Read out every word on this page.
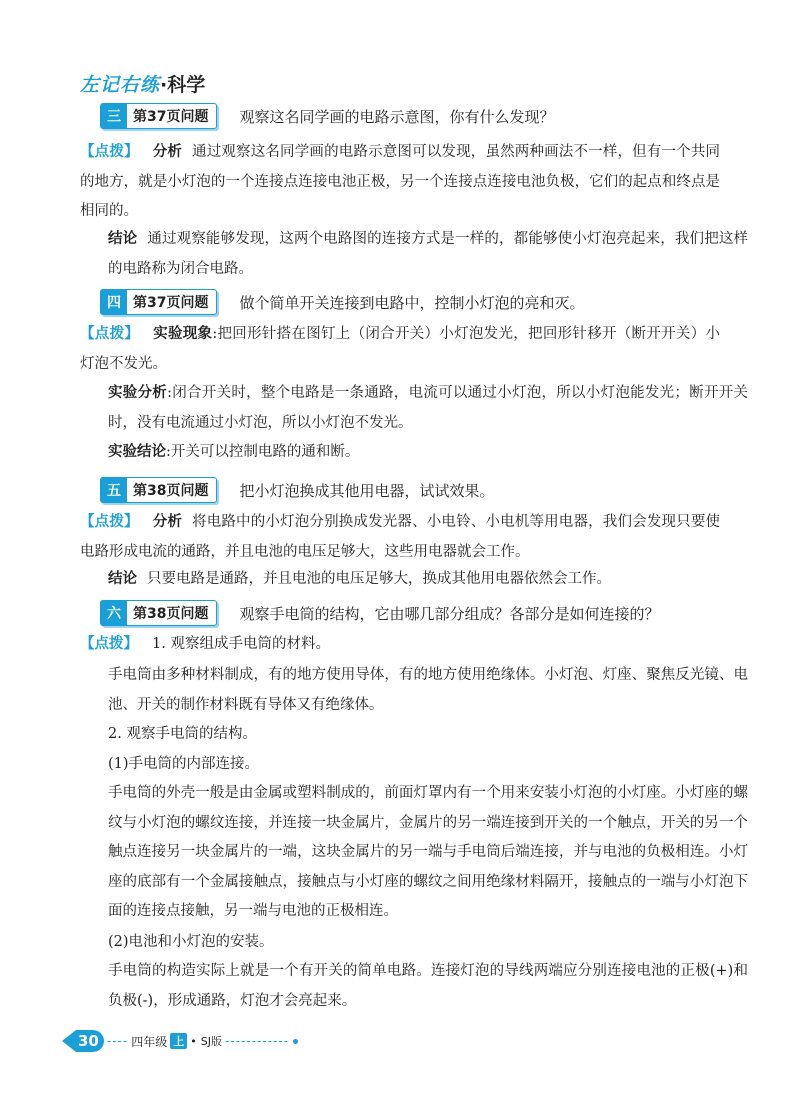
左记右练·科学
三 第37页问题 观察这名同学画的电路示意图，你有什么发现？
【点拨】 分析 通过观察这名同学画的电路示意图可以发现，虽然两种画法不一样，但有一个共同的地方，就是小灯泡的一个连接点连接电池正极，另一个连接点连接电池负极，它们的起点和终点是相同的。
结论 通过观察能够发现，这两个电路图的连接方式是一样的，都能够使小灯泡亮起来，我们把这样的电路称为闭合电路。
四 第37页问题 做个简单开关连接到电路中，控制小灯泡的亮和灭。
【点拨】 实验现象:把回形针搭在图钉上（闭合开关）小灯泡发光，把回形针移开（断开开关）小灯泡不发光。
实验分析:闭合开关时，整个电路是一条通路，电流可以通过小灯泡，所以小灯泡能发光；断开开关时，没有电流通过小灯泡，所以小灯泡不发光。
实验结论:开关可以控制电路的通和断。
五 第38页问题 把小灯泡换成其他用电器，试试效果。
【点拨】 分析 将电路中的小灯泡分别换成发光器、小电铃、小电机等用电器，我们会发现只要使电路形成电流的通路，并且电池的电压足够大，这些用电器就会工作。
结论 只要电路是通路，并且电池的电压足够大，换成其他用电器依然会工作。
六 第38页问题 观察手电筒的结构，它由哪几部分组成？各部分是如何连接的？
【点拨】 1. 观察组成手电筒的材料。
手电筒由多种材料制成，有的地方使用导体，有的地方使用绝缘体。小灯泡、灯座、聚焦反光镜、电池、开关的制作材料既有导体又有绝缘体。
2. 观察手电筒的结构。
(1)手电筒的内部连接。
手电筒的外壳一般是由金属或塑料制成的，前面灯罩内有一个用来安装小灯泡的小灯座。小灯座的螺纹与小灯泡的螺纹连接，并连接一块金属片，金属片的另一端连接到开关的一个触点，开关的另一个触点连接另一块金属片的一端，这块金属片的另一端与手电筒后端连接，并与电池的负极相连。小灯座的底部有一个金属接触点，接触点与小灯座的螺纹之间用绝缘材料隔开，接触点的一端与小灯泡下面的连接点接触，另一端与电池的正极相连。
(2)电池和小灯泡的安装。
手电筒的构造实际上就是一个有开关的简单电路。连接灯泡的导线两端应分别连接电池的正极(+)和负极(-)，形成通路，灯泡才会亮起来。
30 ---- 四年级 上 • SJ版 ------------
